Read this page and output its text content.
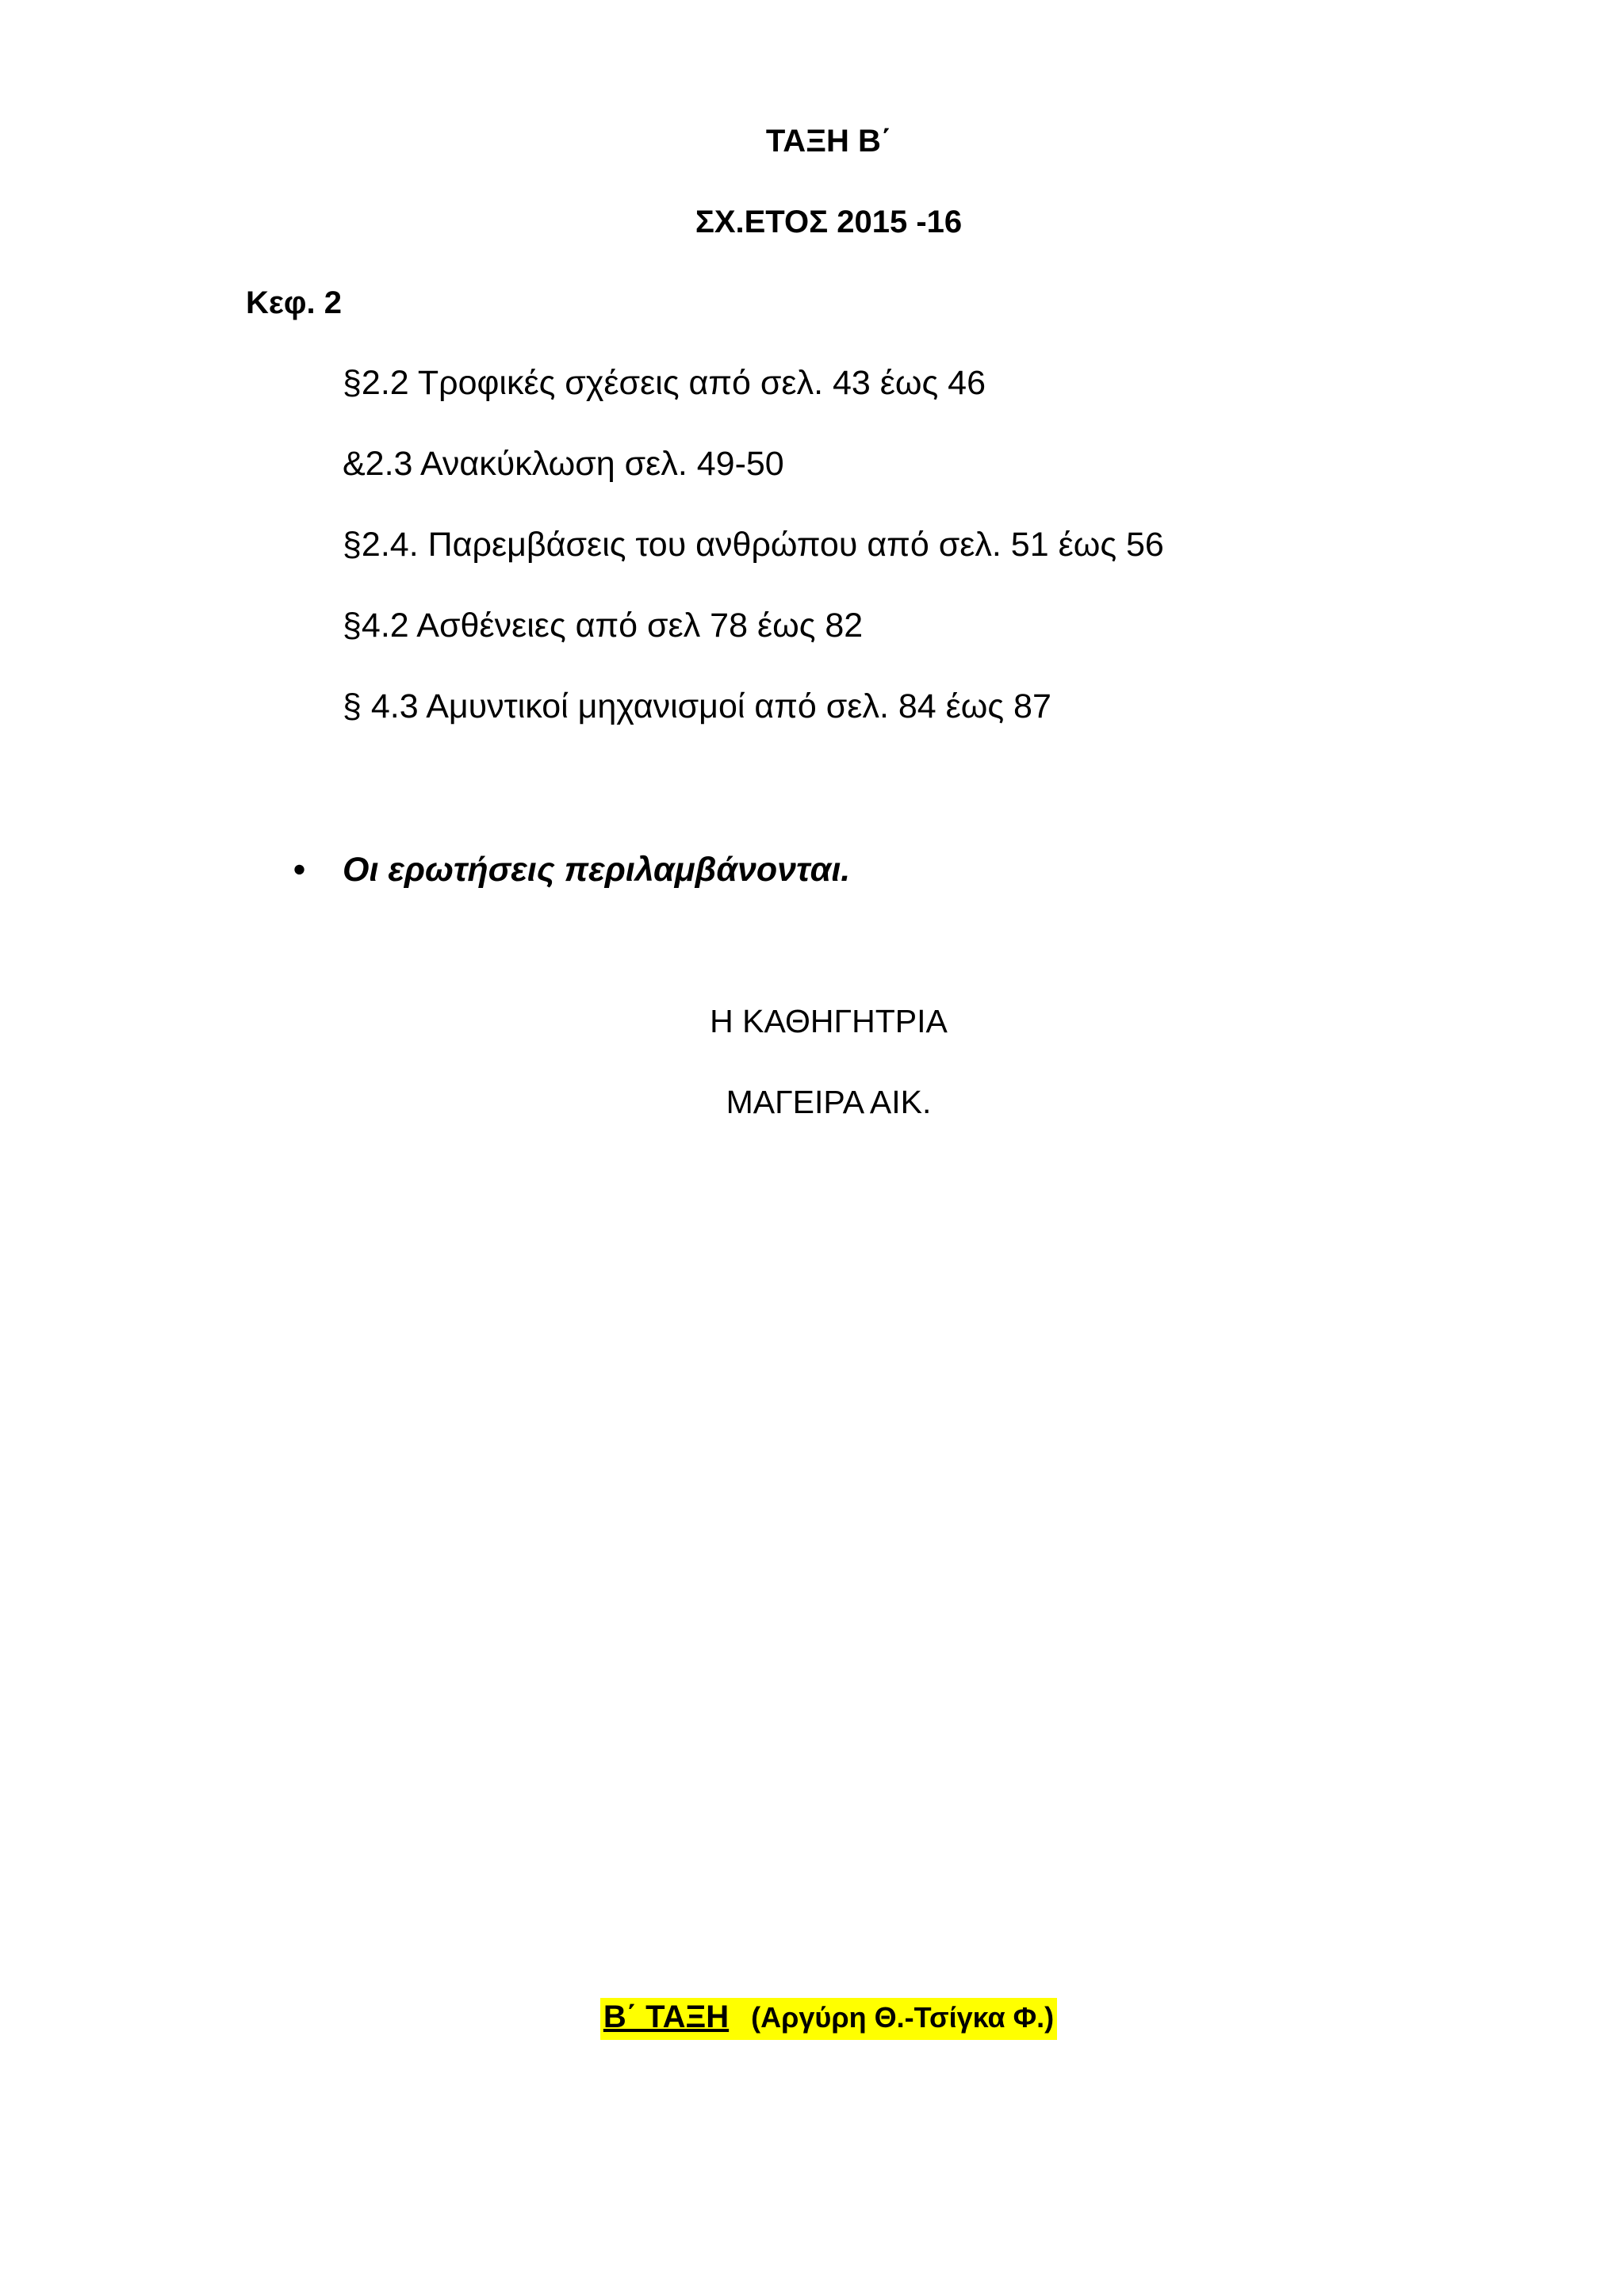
ΤΑΞΗ Β΄
ΣΧ.ΕΤΟΣ 2015 -16
Κεφ. 2
§2.2 Τροφικές σχέσεις από σελ. 43 έως 46
&2.3 Ανακύκλωση σελ. 49-50
§2.4. Παρεμβάσεις του ανθρώπου από σελ. 51 έως 56
§4.2 Ασθένειες από σελ 78 έως 82
§ 4.3 Αμυντικοί μηχανισμοί από σελ. 84 έως 87
• Οι ερωτήσεις περιλαμβάνονται.
Η ΚΑΘΗΓΗΤΡΙΑ
ΜΑΓΕΙΡΑ ΑΙΚ.
Β΄ ΤΑΞΗ (Αργύρη Θ.-Τσίγκα Φ.)
